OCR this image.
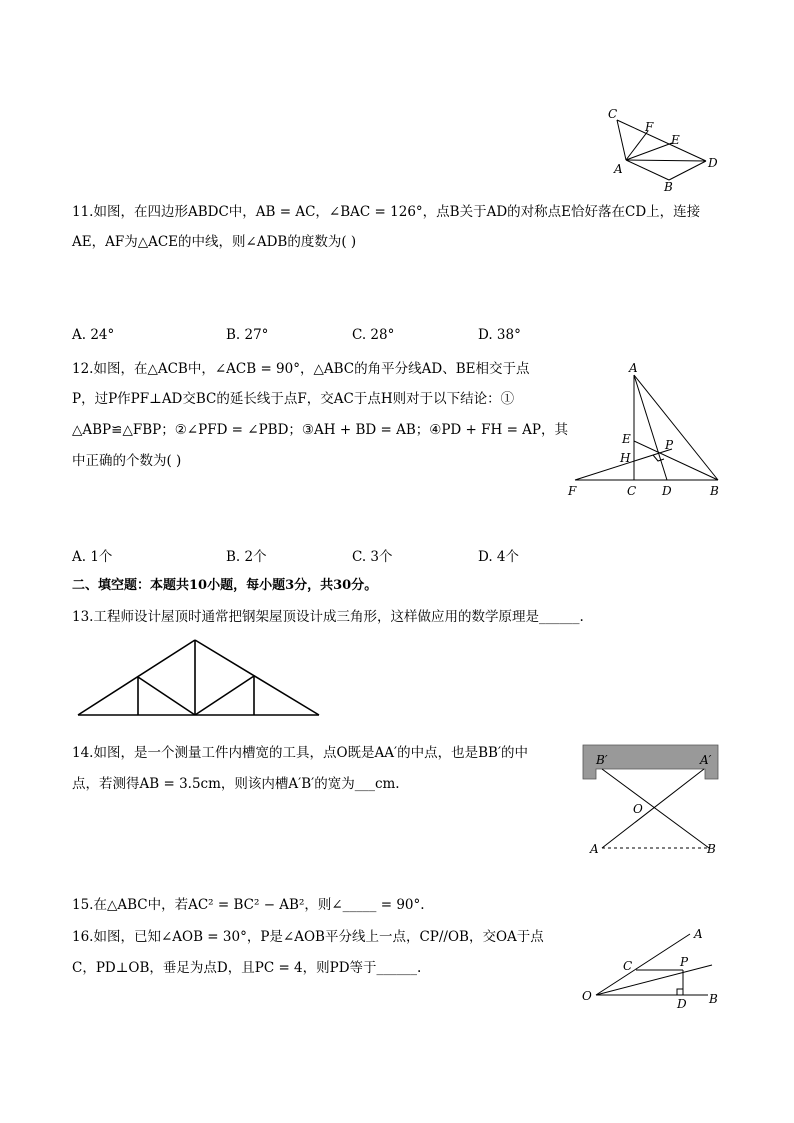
C
F
E
D
A
B
11.如图，在四边形ABDC中，AB = AC，∠BAC = 126°，点B关于AD的对称点E恰好落在CD上，连接
AE，AF为△ACE的中线，则∠ADB的度数为( )
A. 24°	B. 27°	C. 28°	D. 38°
A
E	P
H
F	C D	B
12.如图，在△ACB中，∠ACB = 90°，△ABC的角平分线AD、BE相交于点
P，过P作PF⊥AD交BC的延长线于点F，交AC于点H则对于以下结论：①
△ABP≌△FBP；②∠PFD = ∠PBD；③AH + BD = AB；④PD + FH = AP，其
中正确的个数为( )
A. 1个	B. 2个	C. 3个	D. 4个
二、填空题：本题共10小题，每小题3分，共30分。
13.工程师设计屋顶时通常把钢架屋顶设计成三角形，这样做应用的数学原理是______.
14.如图，是一个测量工件内槽宽的工具，点O既是AA′的中点，也是BB′的中
点，若测得AB = 3.5cm，则该内槽A′B′的宽为___cm.
B′	A′
O
A	B
15.在△ABC中，若AC² = BC² − AB²，则∠_____ = 90°.
16.如图，已知∠AOB = 30°，P是∠AOB平分线上一点，CP//OB，交OA于点
C，PD⊥OB，垂足为点D，且PC = 4，则PD等于______.
A
C	P
O
D B
